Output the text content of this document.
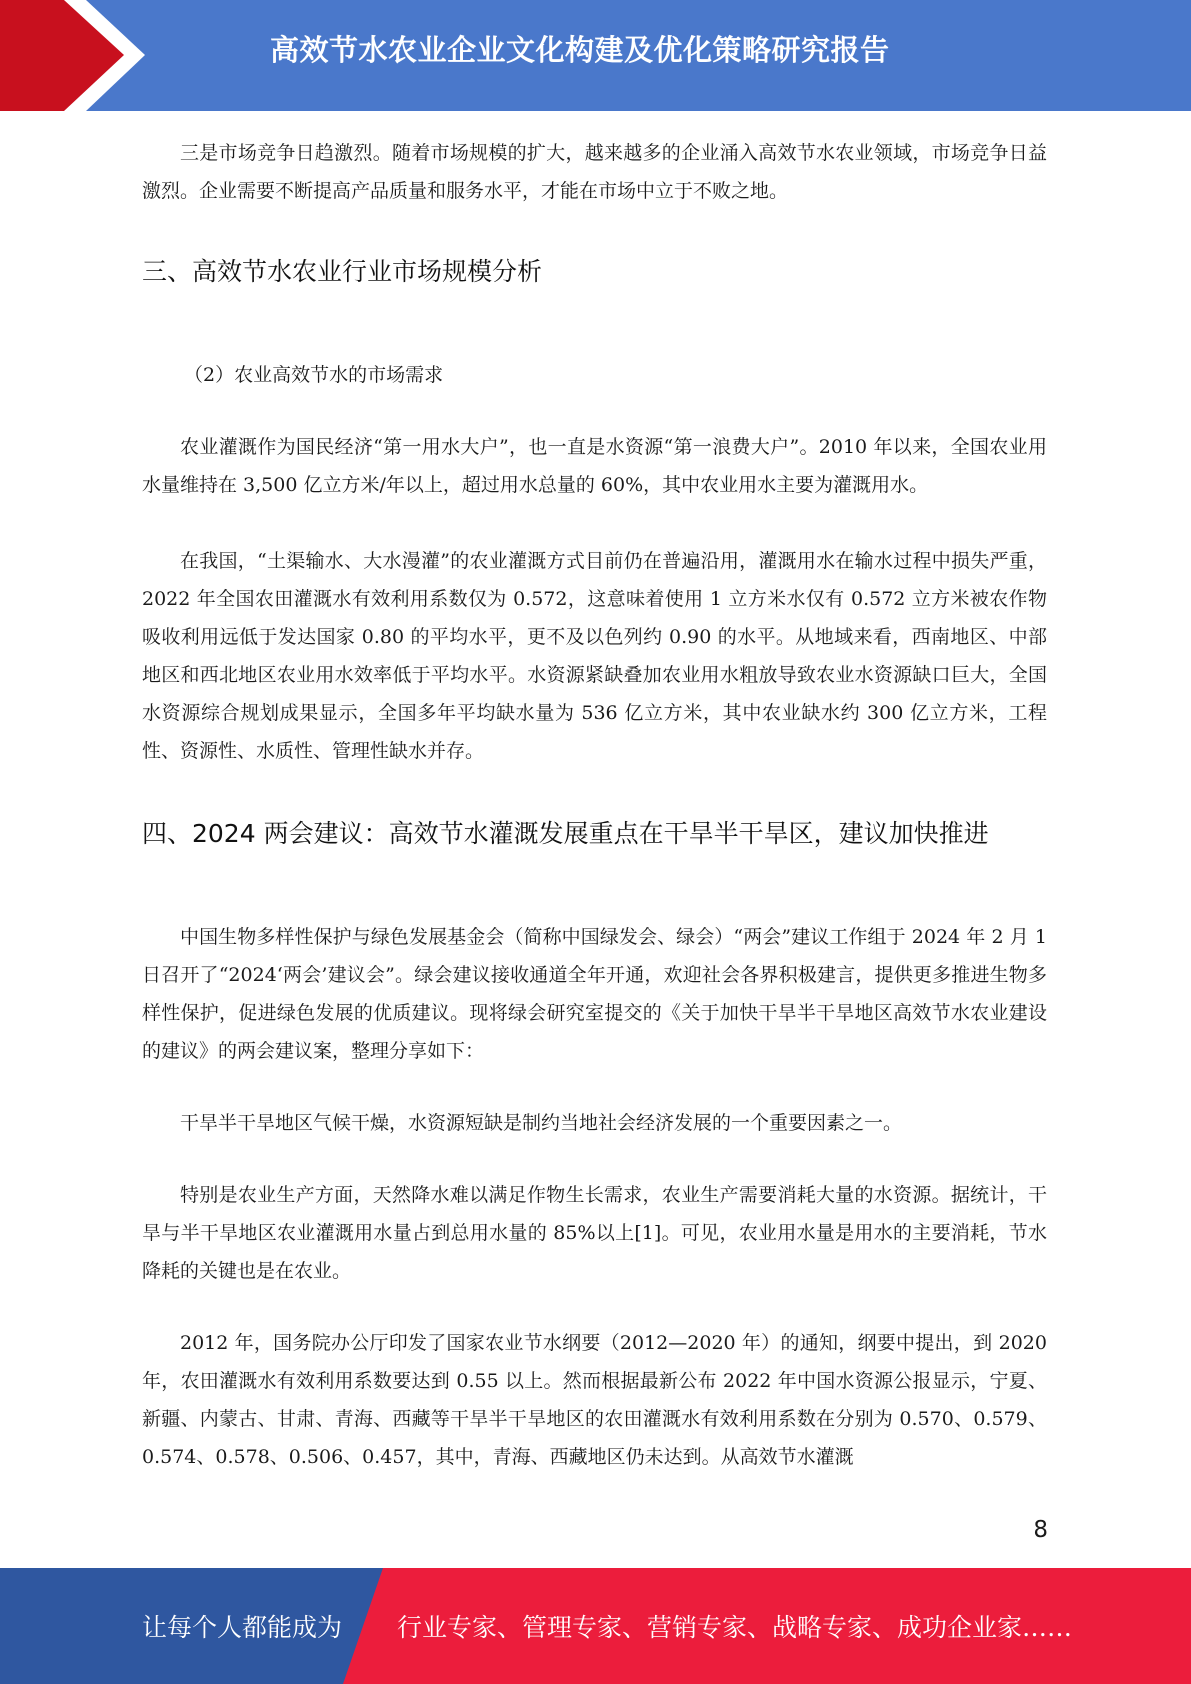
高效节水农业企业文化构建及优化策略研究报告

三是市场竞争日趋激烈。随着市场规模的扩大，越来越多的企业涌入高效节水农业领域，市场竞争日益激烈。企业需要不断提高产品质量和服务水平，才能在市场中立于不败之地。

三、高效节水农业行业市场规模分析

（2）农业高效节水的市场需求

农业灌溉作为国民经济“第一用水大户”，也一直是水资源“第一浪费大户”。2010 年以来，全国农业用水量维持在 3,500 亿立方米/年以上，超过用水总量的 60%，其中农业用水主要为灌溉用水。

在我国，“土渠输水、大水漫灌”的农业灌溉方式目前仍在普遍沿用，灌溉用水在输水过程中损失严重，2022 年全国农田灌溉水有效利用系数仅为 0.572，这意味着使用 1 立方米水仅有 0.572 立方米被农作物吸收利用远低于发达国家 0.80 的平均水平，更不及以色列约 0.90 的水平。从地域来看，西南地区、中部地区和西北地区农业用水效率低于平均水平。水资源紧缺叠加农业用水粗放导致农业水资源缺口巨大，全国水资源综合规划成果显示，全国多年平均缺水量为 536 亿立方米，其中农业缺水约 300 亿立方米，工程性、资源性、水质性、管理性缺水并存。

四、2024 两会建议：高效节水灌溉发展重点在干旱半干旱区，建议加快推进

中国生物多样性保护与绿色发展基金会（简称中国绿发会、绿会）“两会”建议工作组于 2024 年 2 月 1 日召开了“2024‘两会’建议会”。绿会建议接收通道全年开通，欢迎社会各界积极建言，提供更多推进生物多样性保护，促进绿色发展的优质建议。现将绿会研究室提交的《关于加快干旱半干旱地区高效节水农业建设的建议》的两会建议案，整理分享如下：

干旱半干旱地区气候干燥，水资源短缺是制约当地社会经济发展的一个重要因素之一。

特别是农业生产方面，天然降水难以满足作物生长需求，农业生产需要消耗大量的水资源。据统计，干旱与半干旱地区农业灌溉用水量占到总用水量的 85%以上[1]。可见，农业用水量是用水的主要消耗，节水降耗的关键也是在农业。

2012 年，国务院办公厅印发了国家农业节水纲要（2012—2020 年）的通知，纲要中提出，到 2020 年，农田灌溉水有效利用系数要达到 0.55 以上。然而根据最新公布 2022 年中国水资源公报显示，宁夏、新疆、内蒙古、甘肃、青海、西藏等干旱半干旱地区的农田灌溉水有效利用系数在分别为 0.570、0.579、0.574、0.578、0.506、0.457，其中，青海、西藏地区仍未达到。从高效节水灌溉

8
让每个人都能成为 行业专家、管理专家、营销专家、战略专家、成功企业家……
